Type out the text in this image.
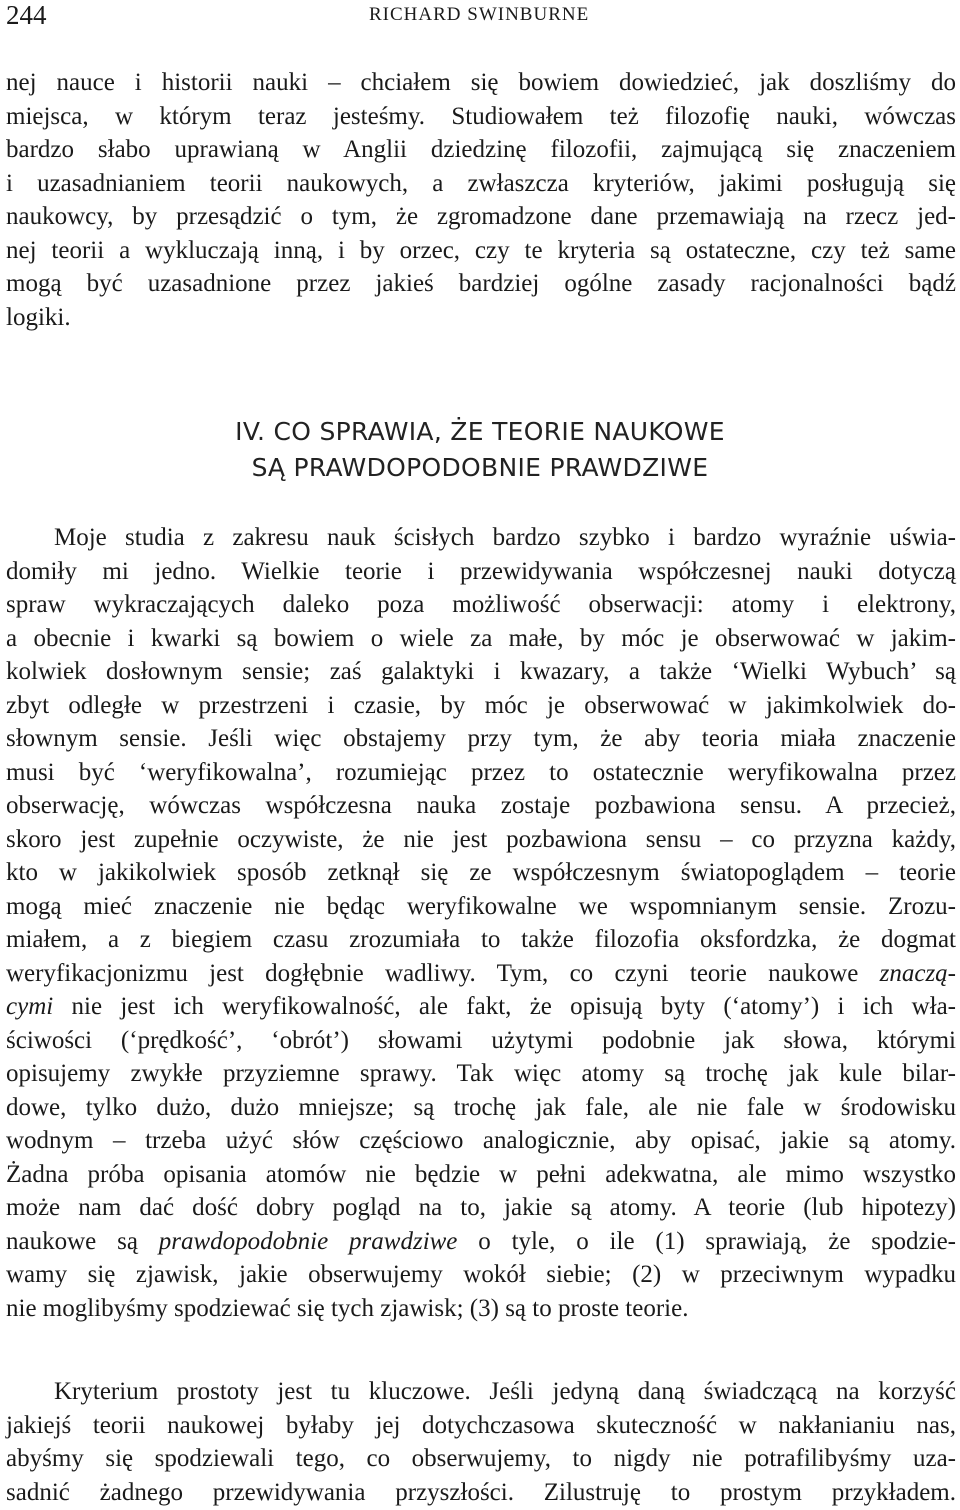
244	RICHARD SWINBURNE
nej nauce i historii nauki – chciałem się bowiem dowiedzieć, jak doszliśmy do
miejsca, w którym teraz jesteśmy. Studiowałem też filozofię nauki, wówczas
bardzo słabo uprawianą w Anglii dziedzinę filozofii, zajmującą się znaczeniem
i uzasadnianiem teorii naukowych, a zwłaszcza kryteriów, jakimi posługują się
naukowcy, by przesądzić o tym, że zgromadzone dane przemawiają na rzecz jed-
nej teorii a wykluczają inną, i by orzec, czy te kryteria są ostateczne, czy też same
mogą być uzasadnione przez jakieś bardziej ogólne zasady racjonalności bądź
logiki.
IV. CO SPRAWIA, ŻE TEORIE NAUKOWE
SĄ PRAWDOPODOBNIE PRAWDZIWE
Moje studia z zakresu nauk ścisłych bardzo szybko i bardzo wyraźnie uświa-
domiły mi jedno. Wielkie teorie i przewidywania współczesnej nauki dotyczą
spraw wykraczających daleko poza możliwość obserwacji: atomy i elektrony,
a obecnie i kwarki są bowiem o wiele za małe, by móc je obserwować w jakim-
kolwiek dosłownym sensie; zaś galaktyki i kwazary, a także ‘Wielki Wybuch’ są
zbyt odległe w przestrzeni i czasie, by móc je obserwować w jakimkolwiek do-
słownym sensie. Jeśli więc obstajemy przy tym, że aby teoria miała znaczenie
musi być ‘weryfikowalna’, rozumiejąc przez to ostatecznie weryfikowalna przez
obserwację, wówczas współczesna nauka zostaje pozbawiona sensu. A przecież,
skoro jest zupełnie oczywiste, że nie jest pozbawiona sensu – co przyzna każdy,
kto w jakikolwiek sposób zetknął się ze współczesnym światopoglądem – teorie
mogą mieć znaczenie nie będąc weryfikowalne we wspomnianym sensie. Zrozu-
miałem, a z biegiem czasu zrozumiała to także filozofia oksfordzka, że dogmat
weryfikacjonizmu jest dogłębnie wadliwy. Tym, co czyni teorie naukowe znaczą-
cymi nie jest ich weryfikowalność, ale fakt, że opisują byty (‘atomy’) i ich wła-
ściwości (‘prędkość’, ‘obrót’) słowami użytymi podobnie jak słowa, którymi
opisujemy zwykłe przyziemne sprawy. Tak więc atomy są trochę jak kule bilar-
dowe, tylko dużo, dużo mniejsze; są trochę jak fale, ale nie fale w środowisku
wodnym – trzeba użyć słów częściowo analogicznie, aby opisać, jakie są atomy.
Żadna próba opisania atomów nie będzie w pełni adekwatna, ale mimo wszystko
może nam dać dość dobry pogląd na to, jakie są atomy. A teorie (lub hipotezy)
naukowe są prawdopodobnie prawdziwe o tyle, o ile (1) sprawiają, że spodzie-
wamy się zjawisk, jakie obserwujemy wokół siebie; (2) w przeciwnym wypadku
nie moglibyśmy spodziewać się tych zjawisk; (3) są to proste teorie.
Kryterium prostoty jest tu kluczowe. Jeśli jedyną daną świadczącą na korzyść
jakiejś teorii naukowej byłaby jej dotychczasowa skuteczność w nakłanianiu nas,
abyśmy się spodziewali tego, co obserwujemy, to nigdy nie potrafilibyśmy uza-
sadnić żadnego przewidywania przyszłości. Zilustruję to prostym przykładem.
